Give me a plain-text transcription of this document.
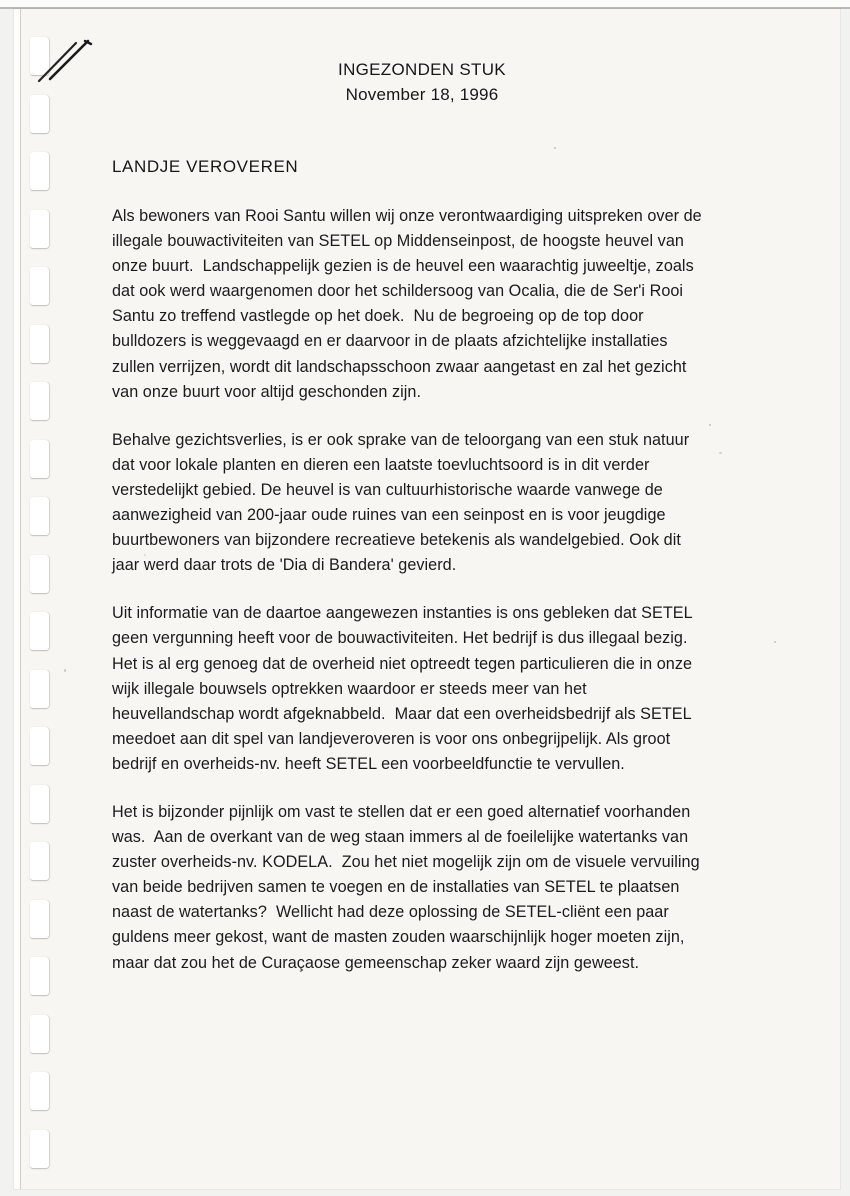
INGEZONDEN STUK
November 18, 1996
LANDJE VEROVEREN

Als bewoners van Rooi Santu willen wij onze verontwaardiging uitspreken over de illegale bouwactiviteiten van SETEL op Middenseinpost, de hoogste heuvel van onze buurt.  Landschappelijk gezien is de heuvel een waarachtig juweeltje, zoals dat ook werd waargenomen door het schildersoog van Ocalia, die de Ser'i Rooi Santu zo treffend vastlegde op het doek.  Nu de begroeing op de top door bulldozers is weggevaagd en er daarvoor in de plaats afzichtelijke installaties zullen verrijzen, wordt dit landschapsschoon zwaar aangetast en zal het gezicht van onze buurt voor altijd geschonden zijn.

Behalve gezichtsverlies, is er ook sprake van de teloorgang van een stuk natuur dat voor lokale planten en dieren een laatste toevluchtsoord is in dit verder verstedelijkt gebied. De heuvel is van cultuurhistorische waarde vanwege de aanwezigheid van 200-jaar oude ruines van een seinpost en is voor jeugdige buurtbewoners van bijzondere recreatieve betekenis als wandelgebied. Ook dit jaar werd daar trots de 'Dia di Bandera' gevierd.

Uit informatie van de daartoe aangewezen instanties is ons gebleken dat SETEL geen vergunning heeft voor de bouwactiviteiten. Het bedrijf is dus illegaal bezig.  Het is al erg genoeg dat de overheid niet optreedt tegen particulieren die in onze wijk illegale bouwsels optrekken waardoor er steeds meer van het heuvellandschap wordt afgeknabbeld.  Maar dat een overheidsbedrijf als SETEL meedoet aan dit spel van landjeveroveren is voor ons onbegrijpelijk. Als groot bedrijf en overheids-nv. heeft SETEL een voorbeeldfunctie te vervullen.

Het is bijzonder pijnlijk om vast te stellen dat er een goed alternatief voorhanden was.  Aan de overkant van de weg staan immers al de foeilelijke watertanks van zuster overheids-nv. KODELA.  Zou het niet mogelijk zijn om de visuele vervuiling van beide bedrijven samen te voegen en de installaties van SETEL te plaatsen naast de watertanks?  Wellicht had deze oplossing de SETEL-cliënt een paar guldens meer gekost, want de masten zouden waarschijnlijk hoger moeten zijn, maar dat zou het de Curaçaose gemeenschap zeker waard zijn geweest.
